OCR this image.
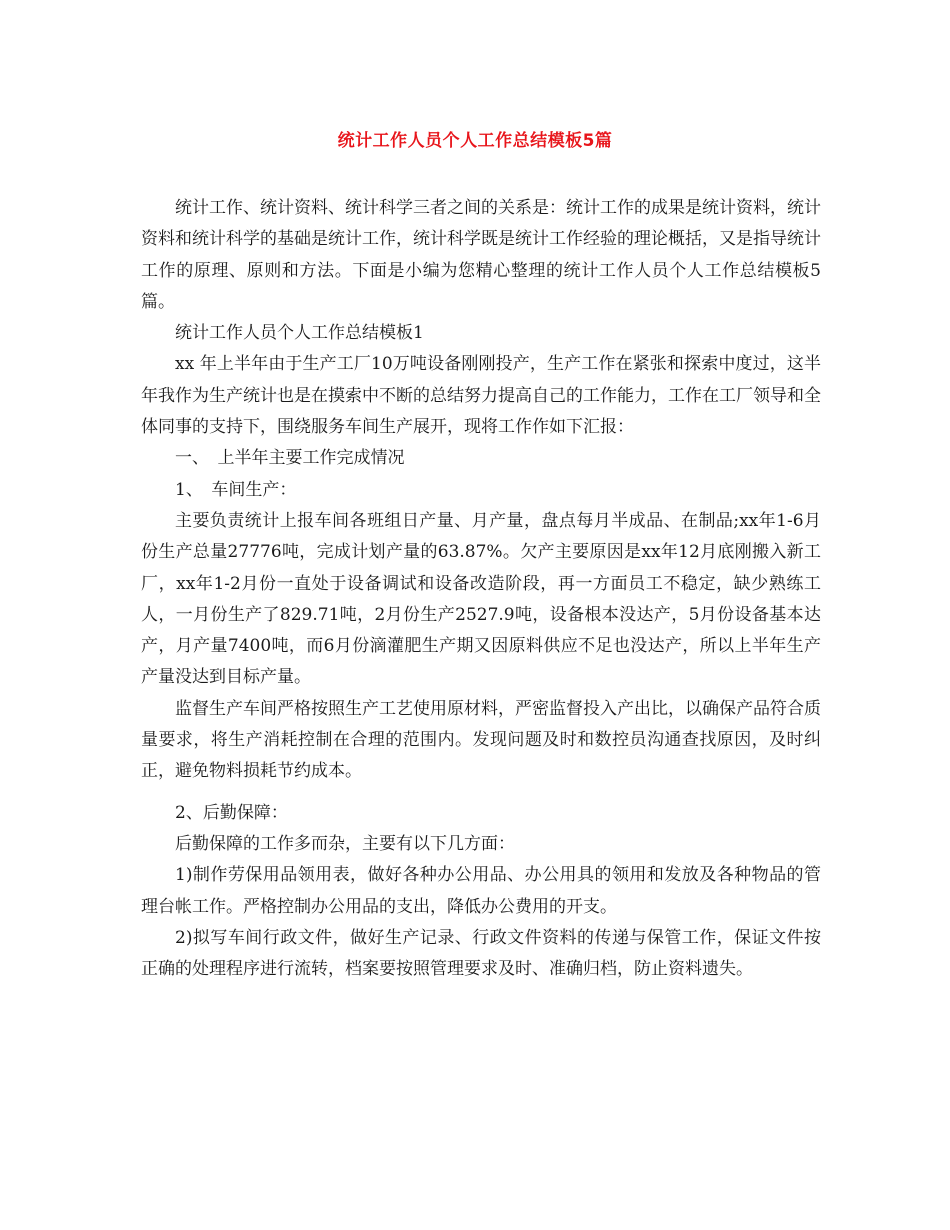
统计工作人员个人工作总结模板5篇

统计工作、统计资料、统计科学三者之间的关系是：统计工作的成果是统计资料，统计资料和统计科学的基础是统计工作，统计科学既是统计工作经验的理论概括，又是指导统计工作的原理、原则和方法。下面是小编为您精心整理的统计工作人员个人工作总结模板5篇。

统计工作人员个人工作总结模板1

xx 年上半年由于生产工厂10万吨设备刚刚投产，生产工作在紧张和探索中度过，这半年我作为生产统计也是在摸索中不断的总结努力提高自己的工作能力，工作在工厂领导和全体同事的支持下，围绕服务车间生产展开，现将工作作如下汇报：

一、　上半年主要工作完成情况

1、　车间生产：

主要负责统计上报车间各班组日产量、月产量，盘点每月半成品、在制品;xx年1-6月份生产总量27776吨，完成计划产量的63.87%。欠产主要原因是xx年12月底刚搬入新工厂，xx年1-2月份一直处于设备调试和设备改造阶段，再一方面员工不稳定，缺少熟练工人，一月份生产了829.71吨，2月份生产2527.9吨，设备根本没达产，5月份设备基本达产，月产量7400吨，而6月份滴灌肥生产期又因原料供应不足也没达产，所以上半年生产产量没达到目标产量。

监督生产车间严格按照生产工艺使用原材料，严密监督投入产出比，以确保产品符合质量要求，将生产消耗控制在合理的范围内。发现问题及时和数控员沟通查找原因，及时纠正，避免物料损耗节约成本。

2、后勤保障：

后勤保障的工作多而杂，主要有以下几方面：

1)制作劳保用品领用表，做好各种办公用品、办公用具的领用和发放及各种物品的管理台帐工作。严格控制办公用品的支出，降低办公费用的开支。

2)拟写车间行政文件，做好生产记录、行政文件资料的传递与保管工作，保证文件按正确的处理程序进行流转，档案要按照管理要求及时、准确归档，防止资料遗失。
